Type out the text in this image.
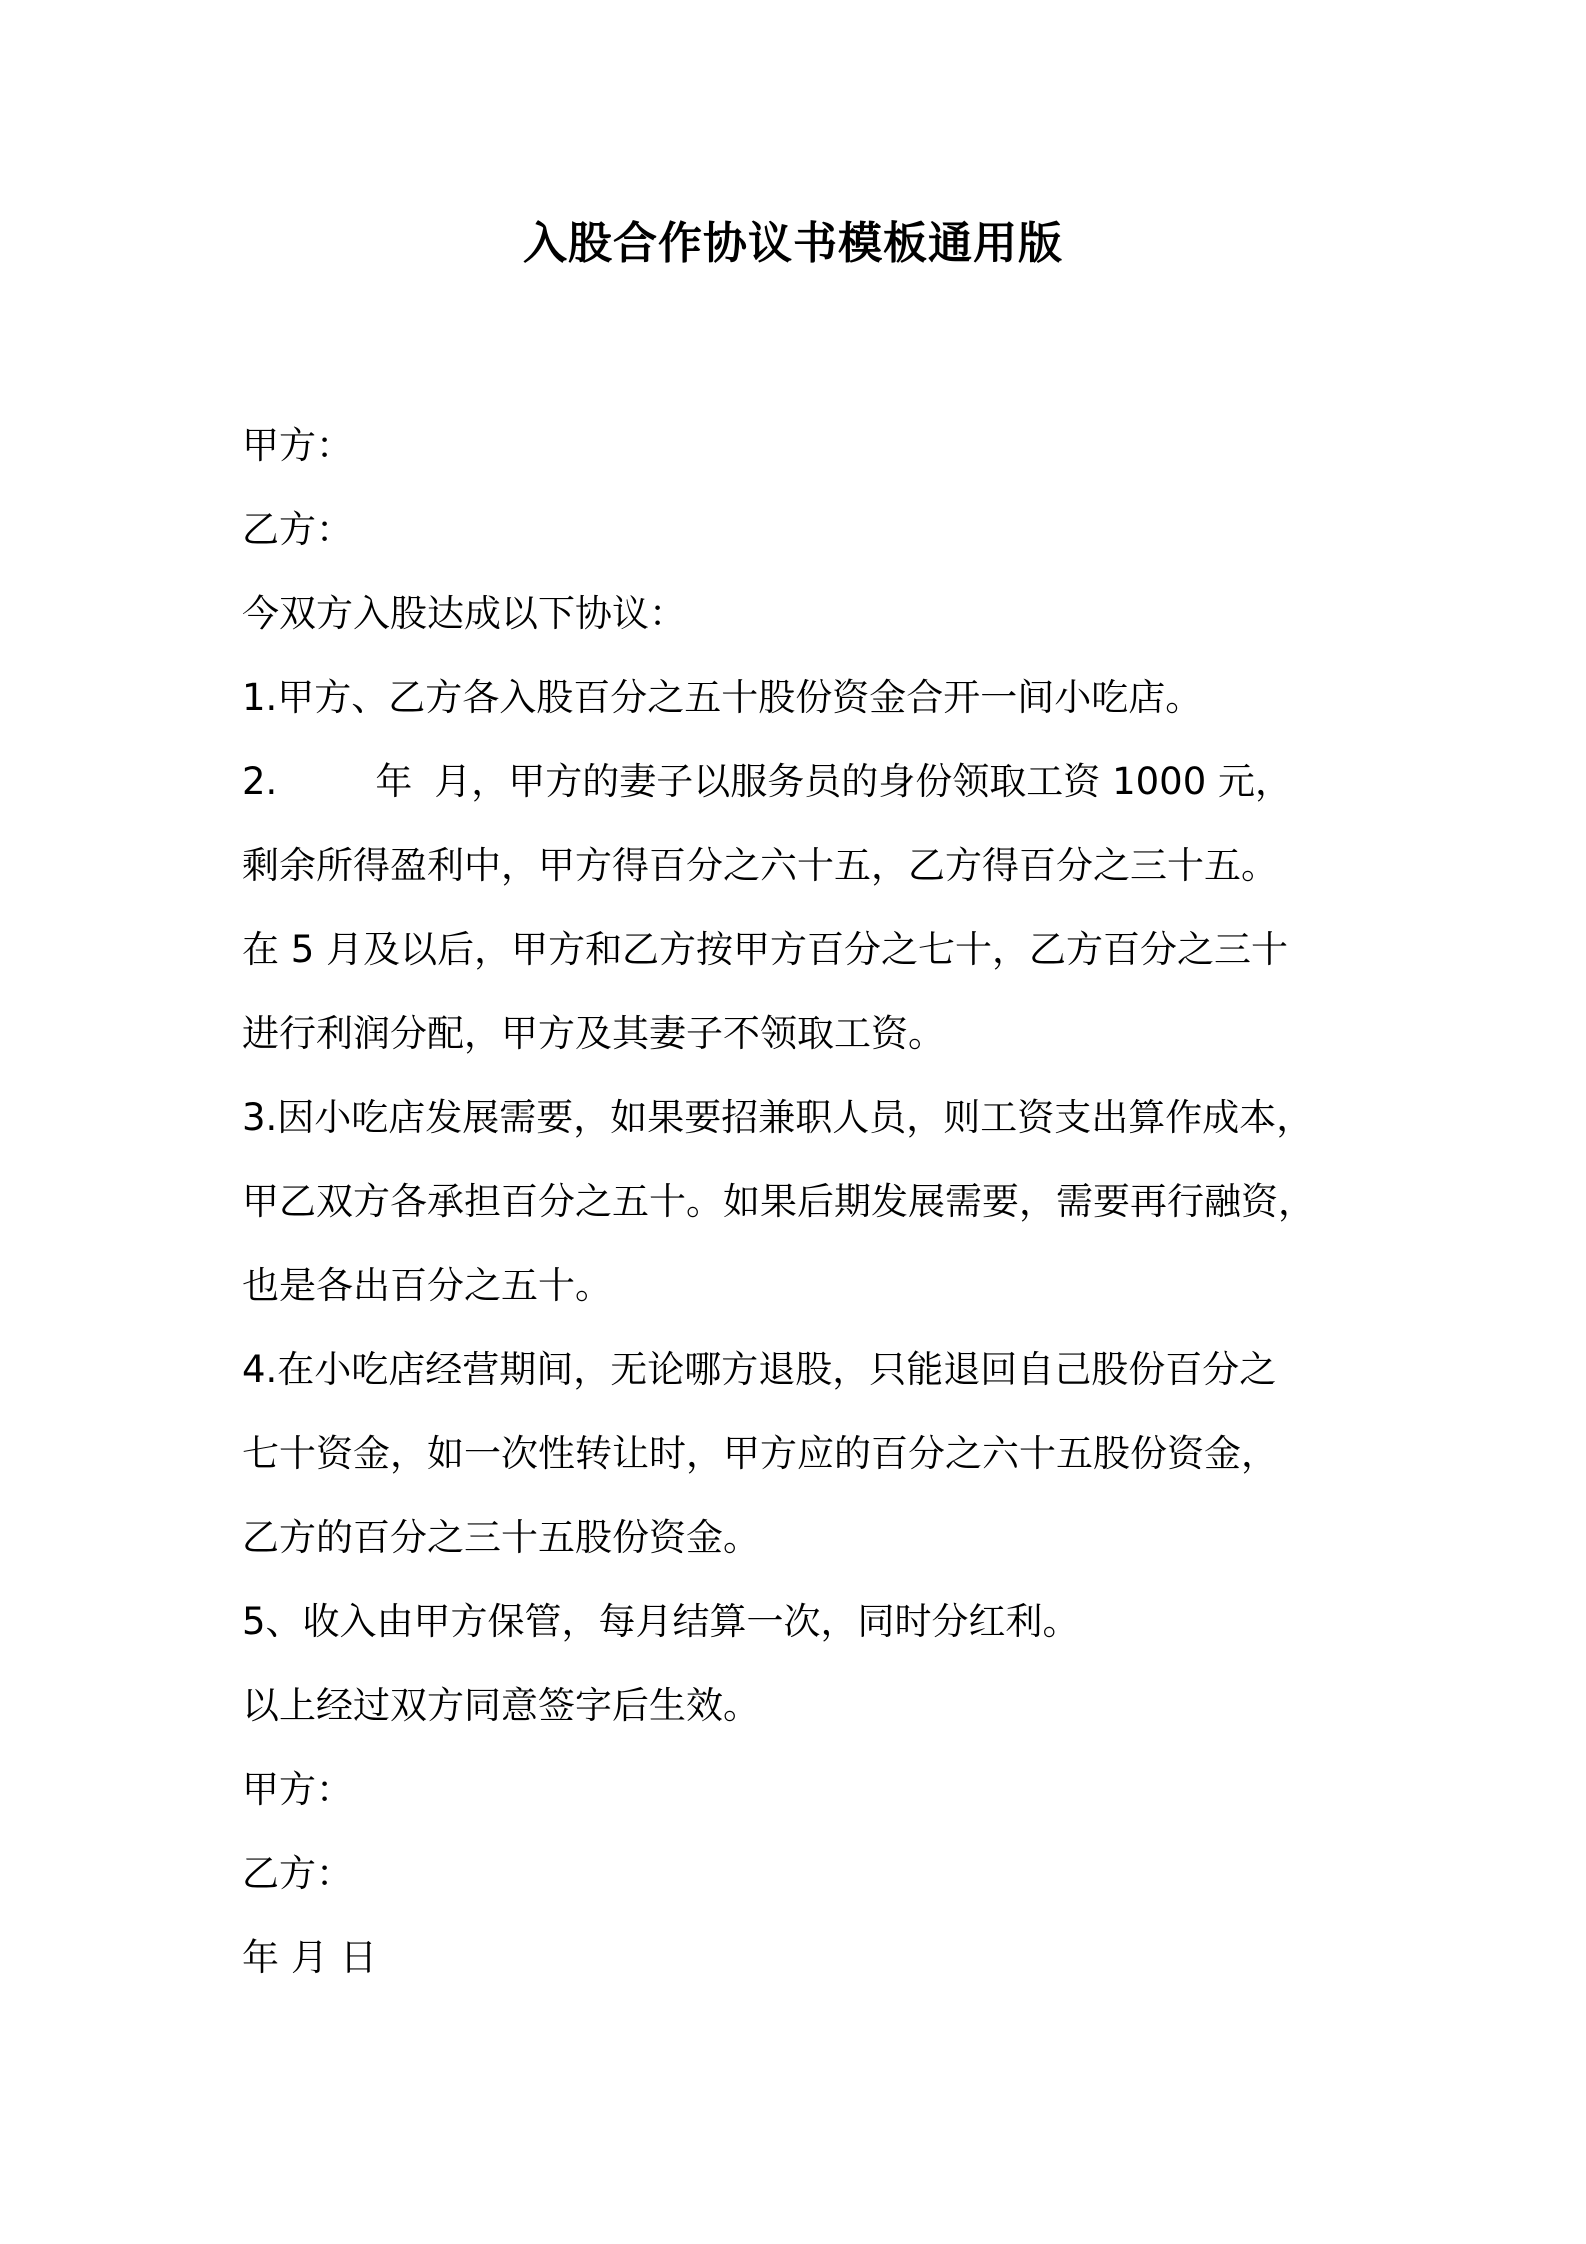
入股合作协议书模板通用版

甲方：

乙方：

今双方入股达成以下协议：

1.甲方、乙方各入股百分之五十股份资金合开一间小吃店。

2.	年 月，甲方的妻子以服务员的身份领取工资 1000 元，

剩余所得盈利中，甲方得百分之六十五，乙方得百分之三十五。

在 5 月及以后，甲方和乙方按甲方百分之七十，乙方百分之三十

进行利润分配，甲方及其妻子不领取工资。

3.因小吃店发展需要，如果要招兼职人员，则工资支出算作成本，

甲乙双方各承担百分之五十。如果后期发展需要，需要再行融资，

也是各出百分之五十。

4.在小吃店经营期间，无论哪方退股，只能退回自己股份百分之

七十资金，如一次性转让时，甲方应的百分之六十五股份资金，

乙方的百分之三十五股份资金。

5、收入由甲方保管，每月结算一次，同时分红利。

以上经过双方同意签字后生效。

甲方：

乙方：

年 月 日
